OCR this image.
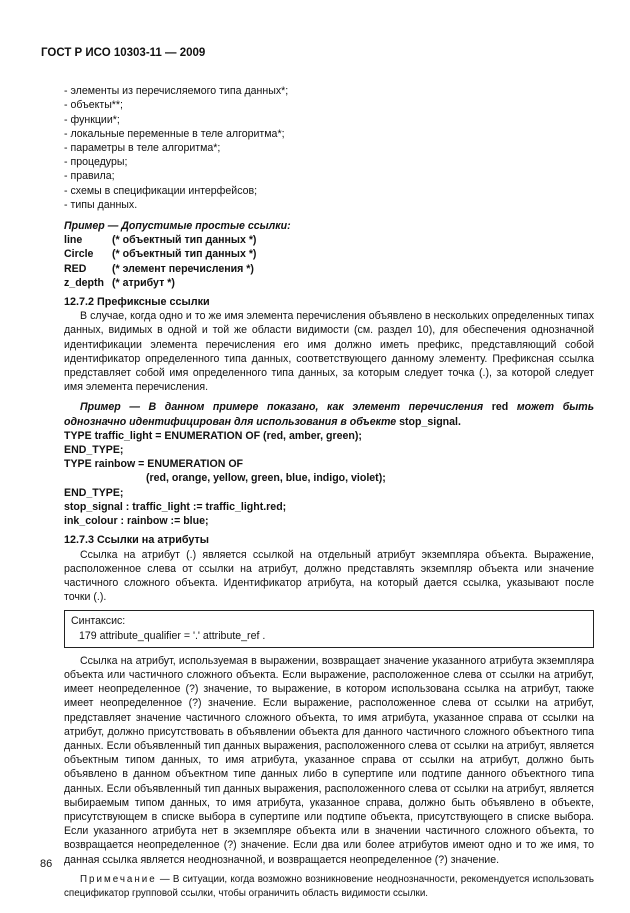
ГОСТ Р ИСО 10303-11 — 2009
- элементы из перечисляемого типа данных*;
- объекты**;
- функции*;
- локальные переменные в теле алгоритма*;
- параметры в теле алгоритма*;
- процедуры;
- правила;
- схемы в спецификации интерфейсов;
- типы данных.
Пример — Допустимые простые ссылки:
line	(* объектный тип данных *)
Circle	(* объектный тип данных *)
RED	(* элемент перечисления *)
z_depth (* атрибут *)
12.7.2 Префиксные ссылки

В случае, когда одно и то же имя элемента перечисления объявлено в нескольких определенных типах данных, видимых в одной и той же области видимости (см. раздел 10), для обеспечения однозначной идентификации элемента перечисления его имя должно иметь префикс, представляющий собой идентификатор определенного типа данных, соответствующего данному элементу. Префиксная ссылка представляет собой имя определенного типа данных, за которым следует точка (.), за которой следует имя элемента перечисления.

Пример — В данном примере показано, как элемент перечисления red может быть однозначно идентифицирован для использования в объекте stop_signal.
TYPE traffic_light = ENUMERATION OF (red, amber, green);
END_TYPE;
TYPE rainbow = ENUMERATION OF
(red, orange, yellow, green, blue, indigo, violet);
END_TYPE;
stop_signal : traffic_light := traffic_light.red;
ink_colour : rainbow := blue;
12.7.3 Ссылки на атрибуты

Ссылка на атрибут (.) является ссылкой на отдельный атрибут экземпляра объекта. Выражение, расположенное слева от ссылки на атрибут, должно представлять экземпляр объекта или значение частичного сложного объекта. Идентификатор атрибута, на который дается ссылка, указывают после точки (.).

Синтаксис:
179 attribute_qualifier = '.' attribute_ref .

Ссылка на атрибут, используемая в выражении, возвращает значение указанного атрибута экземпляра объекта или частичного сложного объекта. Если выражение, расположенное слева от ссылки на атрибут, имеет неопределенное (?) значение, то выражение, в котором использована ссылка на атрибут, также имеет неопределенное (?) значение. Если выражение, расположенное слева от ссылки на атрибут, представляет значение частичного сложного объекта, то имя атрибута, указанное справа от ссылки на атрибут, должно присутствовать в объявлении объекта для данного частичного сложного объектного типа данных. Если объявленный тип данных выражения, расположенного слева от ссылки на атрибут, является объектным типом данных, то имя атрибута, указанное справа от ссылки на атрибут, должно быть объявлено в данном объектном типе данных либо в супертипе или подтипе данного объектного типа данных. Если объявленный тип данных выражения, расположенного слева от ссылки на атрибут, является выбираемым типом данных, то имя атрибута, указанное справа, должно быть объявлено в объекте, присутствующем в списке выбора в супертипе или подтипе объекта, присутствующего в списке выбора. Если указанного атрибута нет в экземпляре объекта или в значении частичного сложного объекта, то возвращается неопределенное (?) значение. Если два или более атрибутов имеют одно и то же имя, то данная ссылка является неоднозначной, и возвращается неопределенное (?) значение.

Примечание — В ситуации, когда возможно возникновение неоднозначности, рекомендуется использовать спецификатор групповой ссылки, чтобы ограничить область видимости ссылки.
86
